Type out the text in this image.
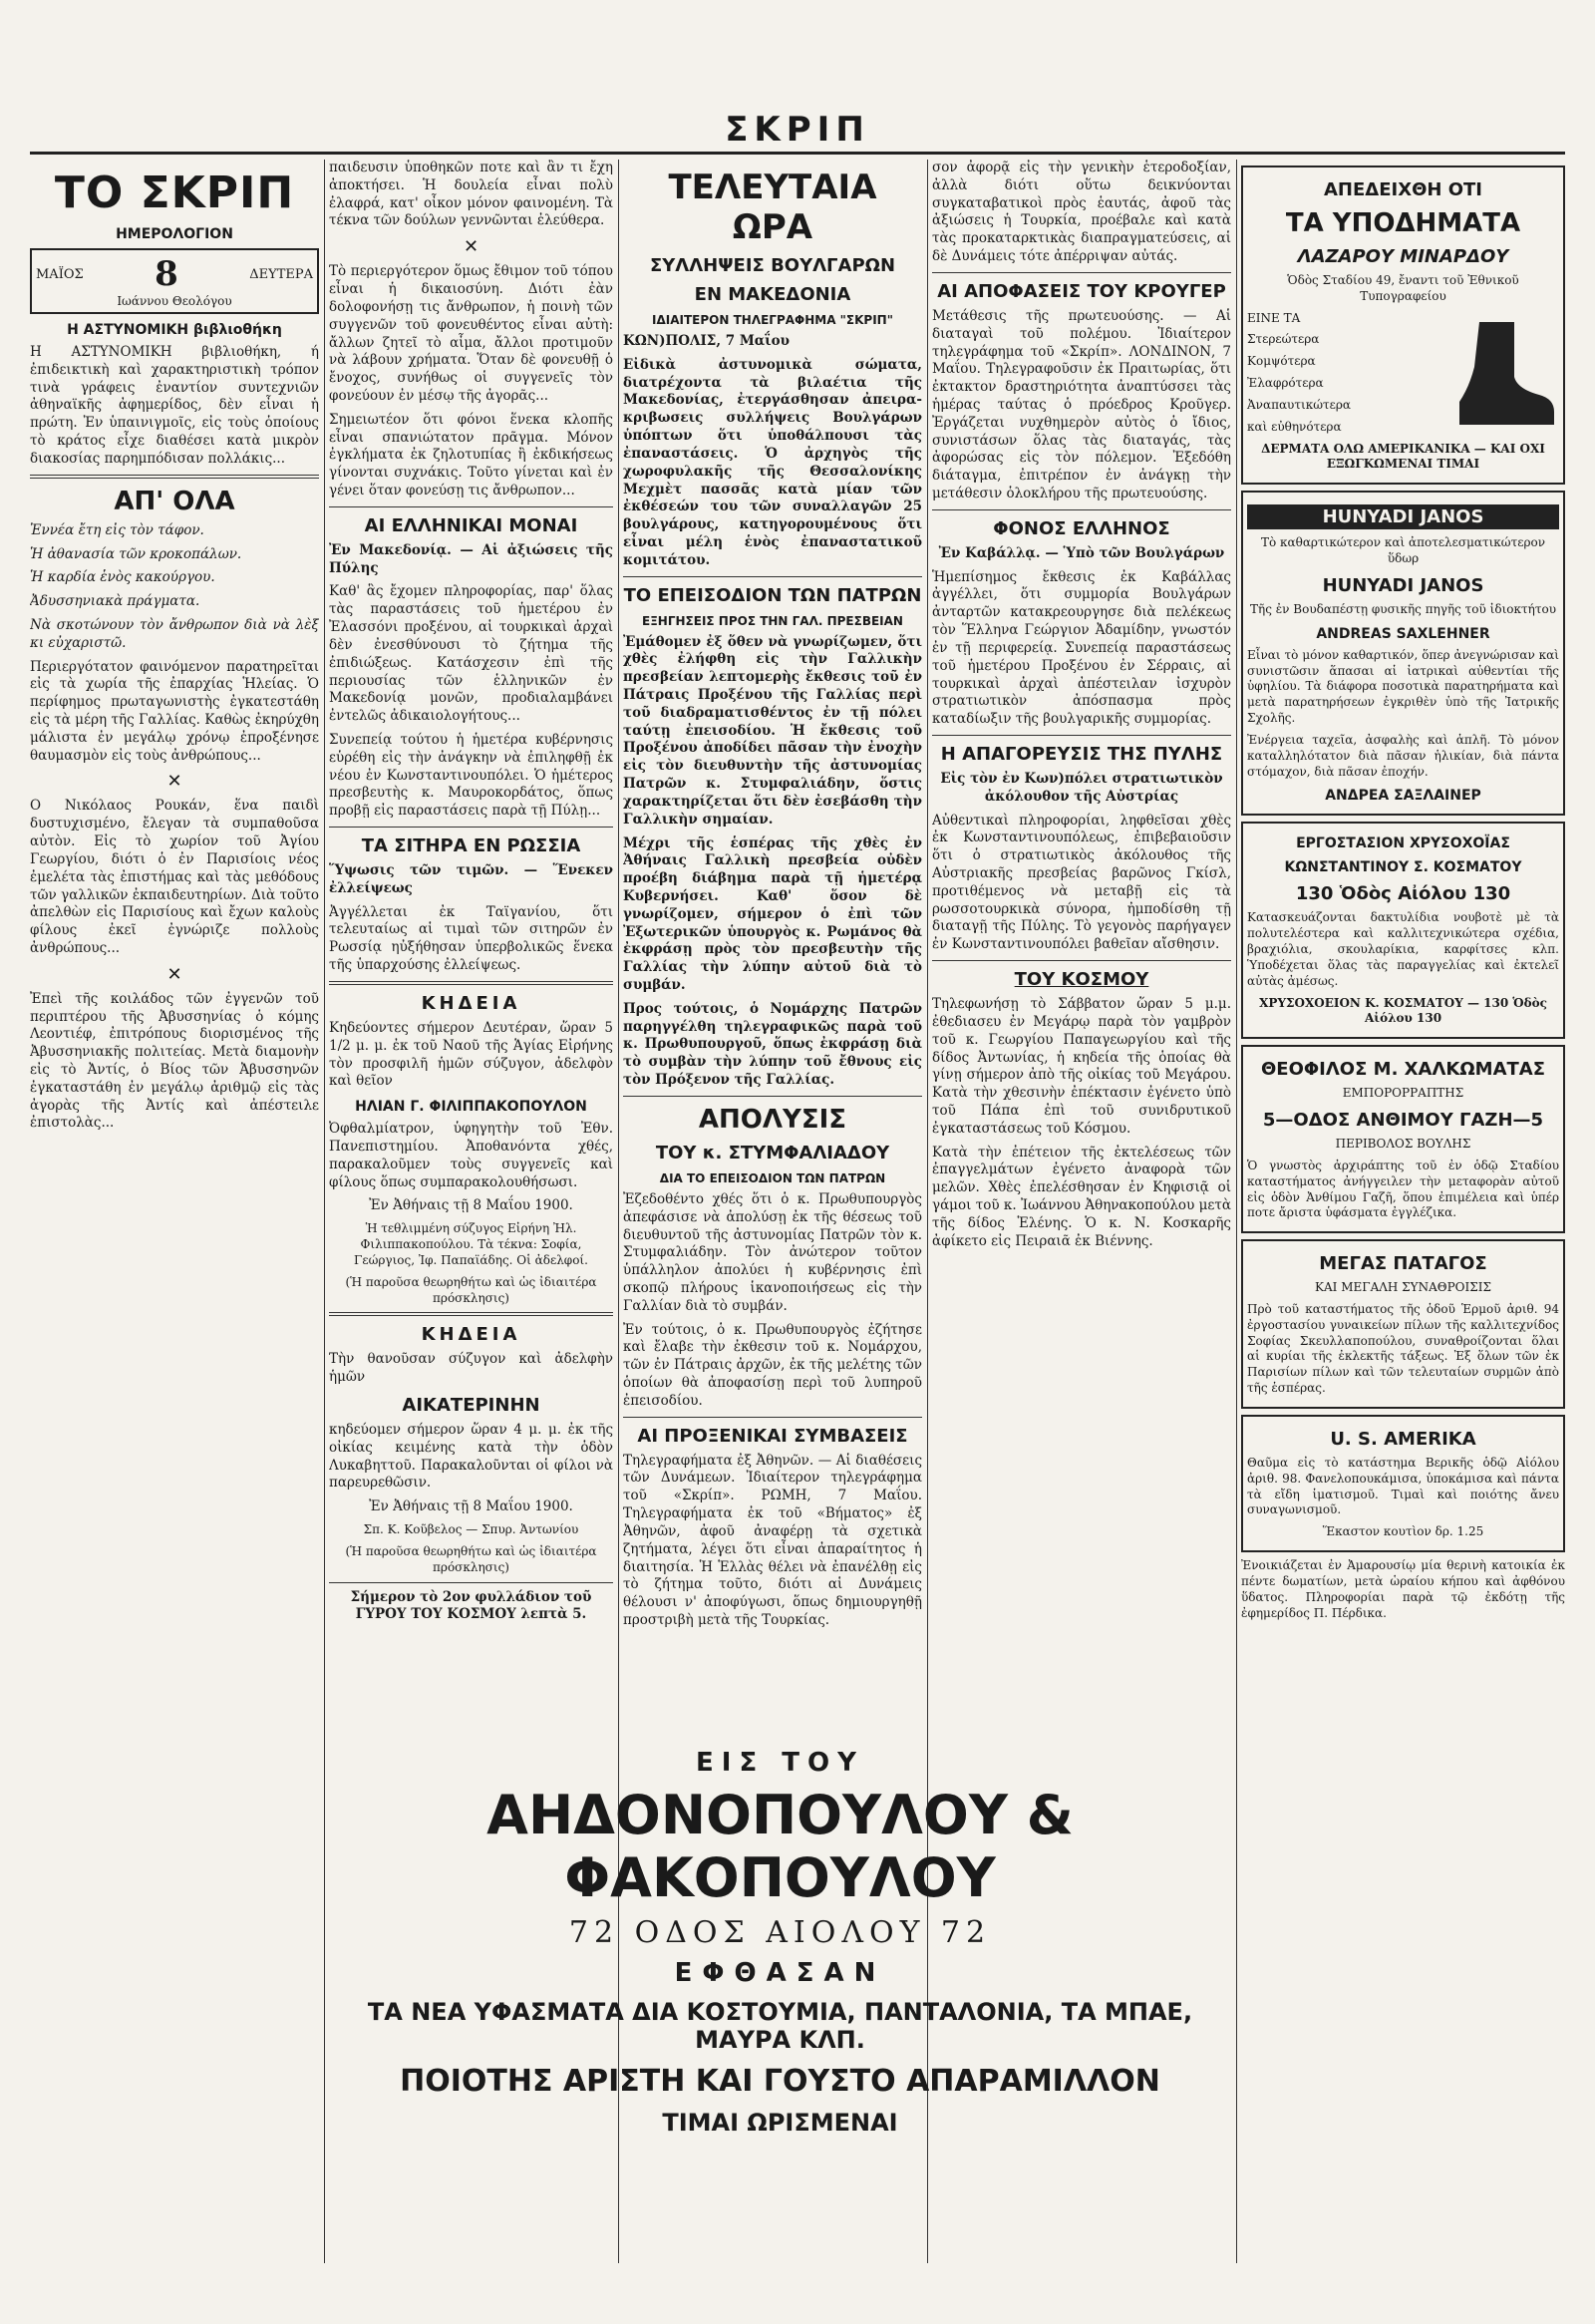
ΣΚΡΙΠ
ΤΟ ΣΚΡΙΠ
ΗΜΕΡΟΛΟΓΙΟΝ
ΜΑΪΟΣ 8	ΔΕΥΤΕΡΑ
Ιωάννου Θεολόγου
Η ΑΣΤΥΝΟΜΙΚΗ βιβλιοθήκη

Η ΑΣΤΥΝΟΜΙΚΗ βιβλιοθήκη, ή ἐπιδεικτικὴ καὶ χαρακτηριστικὴ τρόπον τινὰ γράφεις ἐναντίον συντεχνιῶν ἀθηναϊκῆς ἀφημερίδος, δὲν εἶναι ἡ πρώτη. Ἐν ὑπαινιγμοῖς, εἰς τοὺς ὁποίους τὸ κράτος εἶχε διαθέσει κατὰ μικρὸν διακοσίας παρημπόδισαν πολλάκις...

ΑΠ' ΟΛΑ

Ἐννέα ἔτη εἰς τὸν τάφον.

Ἡ ἀθανασία τῶν κροκοπάλων.

Ἡ καρδία ἑνὸς κακούργου.

Ἀδυσσηνιακὰ πράγματα.

Νὰ σκοτώνουν τὸν ἄνθρωπον διὰ νὰ λὲξ κι εὐχαριστῶ.

Περιεργότατον φαινόμενον παρατηρεῖται εἰς τὰ χωρία τῆς ἐπαρχίας Ἡλείας. Ὁ περίφημος πρωταγωνιστὴς ἐγκατεστάθη εἰς τὰ μέρη τῆς Γαλλίας. Καθὼς ἐκηρύχθη μάλιστα ἐν μεγάλῳ χρόνῳ ἐπροξένησε θαυμασμὸν εἰς τοὺς ἀνθρώπους...

✕

Ο Νικόλαος Ρουκάν, ἕνα παιδὶ δυστυχισμένο, ἔλεγαν τὰ συμπαθοῦσα αὐτὸν. Εἰς τὸ χωρίον τοῦ Ἀγίου Γεωργίου, διότι ὁ ἐν Παρισίοις νέος ἐμελέτα τὰς ἐπιστήμας καὶ τὰς μεθόδους τῶν γαλλικῶν ἐκπαιδευτηρίων. Διὰ τοῦτο ἀπελθὼν εἰς Παρισίους καὶ ἔχων καλοὺς φίλους ἐκεῖ ἐγνώριζε πολλοὺς ἀνθρώπους...

✕

Ἐπεὶ τῆς κοιλάδος τῶν ἐγγενῶν τοῦ περιπτέρου τῆς Ἀβυσσηνίας ὁ κόμης Λεοντιέφ, ἐπιτρόπους διορισμένος τῆς Ἀβυσσηνιακῆς πολιτείας. Μετὰ διαμονὴν εἰς τὸ Ἀντίς, ὁ Βίος τῶν Ἀβυσσηνῶν ἐγκαταστάθη ἐν μεγάλῳ ἀριθμῷ εἰς τὰς ἀγορὰς τῆς Ἀντίς καὶ ἀπέστειλε ἐπιστολὰς...

παιδευσιν ὑποθηκῶν ποτε καὶ ἂν τι ἔχη ἀποκτήσει. Ἡ δουλεία εἶναι πολὺ ἐλαφρά, κατ' οἶκον μόνον φαινομένη. Τὰ τέκνα τῶν δούλων γεννῶνται ἐλεύθερα.

✕

Τὸ περιεργότερον ὅμως ἔθιμον τοῦ τόπου εἶναι ἡ δικαιοσύνη. Διότι ἐὰν δολοφονήσῃ τις ἄνθρωπον, ἡ ποινὴ τῶν συγγενῶν τοῦ φονευθέντος εἶναι αὐτὴ: ἄλλων ζητεῖ τὸ αἷμα, ἄλλοι προτιμοῦν νὰ λάβουν χρήματα. Ὅταν δὲ φονευθῇ ὁ ἔνοχος, συνήθως οἱ συγγενεῖς τὸν φονεύουν ἐν μέσῳ τῆς ἀγορᾶς...

Σημειωτέον ὅτι φόνοι ἕνεκα κλοπῆς εἶναι σπανιώτατον πρᾶγμα. Μόνον ἐγκλήματα ἐκ ζηλοτυπίας ἢ ἐκδικήσεως γίνονται συχνάκις. Τοῦτο γίνεται καὶ ἐν γένει ὅταν φονεύσῃ τις ἄνθρωπον...

ΑΙ ΕΛΛΗΝΙΚΑΙ ΜΟΝΑΙ

Ἐν Μακεδονίᾳ. — Αἱ ἀξιώσεις τῆς Πύλης

Καθ' ἃς ἔχομεν πληροφορίας, παρ' ὅλας τὰς παραστάσεις τοῦ ἡμετέρου ἐν Ἐλασσόνι προξένου, αἱ τουρκικαὶ ἀρχαὶ δὲν ἐνεσθύνουσι τὸ ζήτημα τῆς ἐπιδιώξεως. Κατάσχεσιν ἐπὶ τῆς περιουσίας τῶν ἑλληνικῶν ἐν Μακεδονίᾳ μονῶν, προδιαλαμβάνει ἐντελῶς ἀδικαιολογήτους...

Συνεπείᾳ τούτου ἡ ἡμετέρα κυβέρνησις εὑρέθη εἰς τὴν ἀνάγκην νὰ ἐπιληφθῇ ἐκ νέου ἐν Κωνσταντινουπόλει. Ὁ ἡμέτερος πρεσβευτὴς κ. Μαυροκορδάτος, ὅπως προβῇ εἰς παραστάσεις παρὰ τῇ Πύλῃ...

ΤΑ ΣΙΤΗΡΑ ΕΝ ΡΩΣΣΙΑ

Ὕψωσις τῶν τιμῶν. — Ἕνεκεν ἐλλείψεως

Ἀγγέλλεται ἐκ Ταϊγανίου, ὅτι τελευταίως αἱ τιμαὶ τῶν σιτηρῶν ἐν Ρωσσίᾳ ηὐξήθησαν ὑπερβολικῶς ἕνεκα τῆς ὑπαρχούσης ἐλλείψεως.

ΚΗΔΕΙΑ

Κηδεύοντες σήμερον Δευτέραν, ὥραν 5 1/2 μ. μ. ἐκ τοῦ Ναοῦ τῆς Ἁγίας Εἰρήνης τὸν προσφιλῆ ἡμῶν σύζυγον, ἀδελφὸν καὶ θεῖον

ΗΛΙΑΝ Γ. ΦΙΛΙΠΠΑΚΟΠΟΥΛΟΝ

Ὀφθαλμίατρον, ὑφηγητὴν τοῦ Ἐθν. Πανεπιστημίου. Ἀποθανόντα χθές, παρακαλοῦμεν τοὺς συγγενεῖς καὶ φίλους ὅπως συμπαρακολουθήσωσι.

Ἐν Ἀθήναις τῇ 8 Μαΐου 1900.

Ἡ τεθλιμμένη σύζυγος Εἰρήνη Ἠλ. Φιλιππακοπούλου. Τὰ τέκνα: Σοφία, Γεώργιος, Ἰφ. Παπαϊάδης. Οἱ ἀδελφοί.

(Ἡ παροῦσα θεωρηθήτω καὶ ὡς ἰδιαιτέρα πρόσκλησις)

ΚΗΔΕΙΑ

Τὴν θανοῦσαν σύζυγον καὶ ἀδελφὴν ἡμῶν

ΑΙΚΑΤΕΡΙΝΗΝ

κηδεύομεν σήμερον ὥραν 4 μ. μ. ἐκ τῆς οἰκίας κειμένης κατὰ τὴν ὁδὸν Λυκαβηττοῦ. Παρακαλοῦνται οἱ φίλοι νὰ παρευρεθῶσιν.

Ἐν Ἀθήναις τῇ 8 Μαΐου 1900.

Σπ. Κ. Κοῦβελος — Σπυρ. Ἀντωνίου

(Ἡ παροῦσα θεωρηθήτω καὶ ὡς ἰδιαιτέρα πρόσκλησις)

Σήμερον τὸ 2ον φυλλάδιον τοῦ ΓΥΡΟΥ ΤΟΥ ΚΟΣΜΟΥ λεπτὰ 5.

ΤΕΛΕΥΤΑΙΑ ΩΡΑ
ΣΥΛΛΗΨΕΙΣ ΒΟΥΛΓΑΡΩΝ
ΕΝ ΜΑΚΕΔΟΝΙΑ
ΙΔΙΑΙΤΕΡΟΝ ΤΗΛΕΓΡΑΦΗΜΑ "ΣΚΡΙΠ"

ΚΩΝ)ΠΟΛΙΣ, 7 Μαΐου

Εἰδικὰ ἀστυνομικὰ σώματα, διατρέχοντα τὰ βιλαέτια τῆς Μακεδονίας, ἐτεργάσθησαν ἀπειρα-κριβωσεις συλλήψεις Βουλγάρων ὑπόπτων ὅτι ὑποθάλπουσι τὰς ἐπαναστάσεις. Ὁ ἀρχηγὸς τῆς χωροφυλακῆς τῆς Θεσσαλονίκης Μεχμὲτ πασσᾶς κατὰ μίαν τῶν ἐκθέσεών του τῶν συναλλαγῶν 25 βουλγάρους, κατηγορουμένους ὅτι εἶναι μέλη ἑνὸς ἐπαναστατικοῦ κομιτάτου.

ΤΟ ΕΠΕΙΣΟΔΙΟΝ ΤΩΝ ΠΑΤΡΩΝ
ΕΞΗΓΗΣΕΙΣ ΠΡΟΣ ΤΗΝ ΓΑΛ. ΠΡΕΣΒΕΙΑΝ

Ἐμάθομεν ἐξ ὅθεν νὰ γνωρίζωμεν, ὅτι χθὲς ἐλήφθη εἰς τὴν Γαλλικὴν πρεσβείαν λεπτομερὴς ἔκθεσις τοῦ ἐν Πάτραις Προξένου τῆς Γαλλίας περὶ τοῦ διαδραματισθέντος ἐν τῇ πόλει ταύτῃ ἐπεισοδίου. Ἡ ἔκθεσις τοῦ Προξένου ἀποδίδει πᾶσαν τὴν ἐνοχὴν εἰς τὸν διευθυντὴν τῆς ἀστυνομίας Πατρῶν κ. Στυμφαλιάδην, ὅστις χαρακτηρίζεται ὅτι δὲν ἐσεβάσθη τὴν Γαλλικὴν σημαίαν.

Μέχρι τῆς ἑσπέρας τῆς χθὲς ἐν Ἀθήναις Γαλλικὴ πρεσβεία οὐδὲν προέβη διάβημα παρὰ τῇ ἡμετέρᾳ Κυβερνήσει. Καθ' ὅσον δὲ γνωρίζομεν, σήμερον ὁ ἐπὶ τῶν Ἐξωτερικῶν ὑπουργὸς κ. Ρωμάνος θὰ ἐκφράσῃ πρὸς τὸν πρεσβευτὴν τῆς Γαλλίας τὴν λύπην αὐτοῦ διὰ τὸ συμβάν.

Προς τούτοις, ὁ Νομάρχης Πατρῶν παρηγγέλθη τηλεγραφικῶς παρὰ τοῦ κ. Πρωθυπουργοῦ, ὅπως ἐκφράσῃ διὰ τὸ συμβὰν τὴν λύπην τοῦ ἔθνους εἰς τὸν Πρόξενον τῆς Γαλλίας.

ΑΠΟΛΥΣΙΣ
ΤΟΥ κ. ΣΤΥΜΦΑΛΙΑΔΟΥ
ΔΙΑ ΤΟ ΕΠΕΙΣΟΔΙΟΝ ΤΩΝ ΠΑΤΡΩΝ

Ἐζεδοθέντο χθές ὅτι ὁ κ. Πρωθυπουργὸς ἀπεφάσισε νὰ ἀπολύσῃ ἐκ τῆς θέσεως τοῦ διευθυντοῦ τῆς ἀστυνομίας Πατρῶν τὸν κ. Στυμφαλιάδην. Τὸν ἀνώτερον τοῦτον ὑπάλληλον ἀπολύει ἡ κυβέρνησις ἐπὶ σκοπῷ πλήρους ἱκανοποιήσεως εἰς τὴν Γαλλίαν διὰ τὸ συμβάν.

Ἐν τούτοις, ὁ κ. Πρωθυπουργὸς ἐζήτησε καὶ ἔλαβε τὴν ἐκθεσιν τοῦ κ. Νομάρχου, τῶν ἐν Πάτραις ἀρχῶν, ἐκ τῆς μελέτης τῶν ὁποίων θὰ ἀποφασίσῃ περὶ τοῦ λυπηροῦ ἐπεισοδίου.

ΑΙ ΠΡΟΞΕΝΙΚΑΙ ΣΥΜΒΑΣΕΙΣ

Τηλεγραφήματα ἐξ Ἀθηνῶν. — Αἱ διαθέσεις τῶν Δυνάμεων. Ἰδιαίτερον τηλεγράφημα τοῦ «Σκρίπ». ΡΩΜΗ, 7 Μαΐου. Τηλεγραφήματα ἐκ τοῦ «Βήματος» ἐξ Ἀθηνῶν, ἀφοῦ ἀναφέρῃ τὰ σχετικὰ ζητήματα, λέγει ὅτι εἶναι ἀπαραίτητος ἡ διαιτησία. Ἡ Ἑλλὰς θέλει νὰ ἐπανέλθῃ εἰς τὸ ζήτημα τοῦτο, διότι αἱ Δυνάμεις θέλουσι ν' ἀποφύγωσι, ὅπως δημιουργηθῇ προστριβὴ μετὰ τῆς Τουρκίας.

σον ἀφορᾷ εἰς τὴν γενικὴν ἑτεροδοξίαν, ἀλλὰ διότι οὕτω δεικνύονται συγκαταβατικοὶ πρὸς ἑαυτάς, ἀφοῦ τὰς ἀξιώσεις ἡ Τουρκία, προέβαλε καὶ κατὰ τὰς προκαταρκτικὰς διαπραγματεύσεις, αἱ δὲ Δυνάμεις τότε ἀπέρριψαν αὐτάς.

ΑΙ ΑΠΟΦΑΣΕΙΣ ΤΟΥ ΚΡΟΥΓΕΡ

Μετάθεσις τῆς πρωτευούσης. — Αἱ διαταγαὶ τοῦ πολέμου. Ἰδιαίτερον τηλεγράφημα τοῦ «Σκρίπ». ΛΟΝΔΙΝΟΝ, 7 Μαΐου. Τηλεγραφοῦσιν ἐκ Πραιτωρίας, ὅτι ἐκτακτον δραστηριότητα ἀναπτύσσει τὰς ἡμέρας ταύτας ὁ πρόεδρος Κροῦγερ. Ἐργάζεται νυχθημερὸν αὐτὸς ὁ ἴδιος, συνιστάσων ὅλας τὰς διαταγάς, τὰς ἀφορώσας εἰς τὸν πόλεμον. Ἐξεδόθη διάταγμα, ἐπιτρέπον ἐν ἀνάγκῃ τὴν μετάθεσιν ὁλοκλήρου τῆς πρωτευούσης.

ΦΟΝΟΣ ΕΛΛΗΝΟΣ

Ἐν Καβάλλᾳ. — Ὑπὸ τῶν Βουλγάρων

Ἡμεπίσημος ἔκθεσις ἐκ Καβάλλας ἀγγέλλει, ὅτι συμμορία Βουλγάρων ἀνταρτῶν κατακρεουργησε διὰ πελέκεως τὸν Ἕλληνα Γεώργιον Ἀδαμίδην, γνωστόν ἐν τῇ περιφερείᾳ. Συνεπείᾳ παραστάσεως τοῦ ἡμετέρου Προξένου ἐν Σέρραις, αἱ τουρκικαὶ ἀρχαὶ ἀπέστειλαν ἰσχυρὸν στρατιωτικὸν ἀπόσπασμα πρὸς καταδίωξιν τῆς βουλγαρικῆς συμμορίας.

Η ΑΠΑΓΟΡΕΥΣΙΣ ΤΗΣ ΠΥΛΗΣ

Εἰς τὸν ἐν Κων)πόλει στρατιωτικὸν ἀκόλουθον τῆς Αὐστρίας

Αὐθεντικαὶ πληροφορίαι, ληφθεῖσαι χθὲς ἐκ Κωνσταντινουπόλεως, ἐπιβεβαιοῦσιν ὅτι ὁ στρατιωτικὸς ἀκόλουθος τῆς Αὐστριακῆς πρεσβείας βαρῶνος Γκίσλ, προτιθέμενος νὰ μεταβῇ εἰς τὰ ρωσσοτουρκικὰ σύνορα, ἠμποδίσθη τῇ διαταγῇ τῆς Πύλης. Τὸ γεγονὸς παρήγαγεν ἐν Κωνσταντινουπόλει βαθεῖαν αἴσθησιν.

ΤΟΥ ΚΟΣΜΟΥ

Τηλεφωνήσῃ τὸ Σάββατον ὥραν 5 μ.μ. ἐθεδιασευ ἐν Μεγάρῳ παρὰ τὸν γαμβρὸν τοῦ κ. Γεωργίου Παπαγεωργίου καὶ τῆς δίδος Ἀντωνίας, ἡ κηδεία τῆς ὁποίας θὰ γίνῃ σήμερον ἀπὸ τῆς οἰκίας τοῦ Μεγάρου. Κατὰ τὴν χθεσινὴν ἐπέκτασιν ἐγένετο ὑπὸ τοῦ Πάπα ἐπὶ τοῦ συνιδρυτικοῦ ἐγκαταστάσεως τοῦ Κόσμου.

Κατὰ τὴν ἐπέτειον τῆς ἐκτελέσεως τῶν ἐπαγγελμάτων ἐγένετο ἀναφορὰ τῶν μελῶν. Χθὲς ἐπελέσθησαν ἐν Κηφισιᾷ οἱ γάμοι τοῦ κ. Ἰωάννου Ἀθηνακοπούλου μετὰ τῆς δίδος Ἑλένης. Ὁ κ. Ν. Κοσκαρῆς ἀφίκετο εἰς Πειραιᾶ ἐκ Βιέννης.

ΑΠΕΔΕΙΧΘΗ ΟΤΙ
ΤΑ ΥΠΟΔΗΜΑΤΑ
ΛΑΖΑΡΟΥ ΜΙΝΑΡΔΟΥ

Ὁδὸς Σταδίου 49, ἔναντι τοῦ Ἐθνικοῦ Τυπογραφείου

ΕΙΝΕ ΤΑ

Στερεώτερα

Κομψότερα

Ἐλαφρότερα

Ἀναπαυτικώτερα

καὶ εὐθηνότερα

ΔΕΡΜΑΤΑ ΟΛΩ ΑΜΕΡΙΚΑΝΙΚΑ — ΚΑΙ ΟΧΙ ΕΞΩΓΚΩΜΕΝΑΙ ΤΙΜΑΙ

HUNYADI JANOS

Τὸ καθαρτικώτερον καὶ ἀποτελεσματικώτερον ὕδωρ

HUNYADI JANOS

Τῆς ἐν Βουδαπέστῃ φυσικῆς πηγῆς τοῦ ἰδιοκτήτου

ANDREAS SAXLEHNER

Εἶναι τὸ μόνον καθαρτικόν, ὅπερ ἀνεγνώρισαν καὶ συνιστῶσιν ἅπασαι αἱ ἰατρικαὶ αὐθεντίαι τῆς ὑφηλίου. Τὰ διάφορα ποσοτικὰ παρατηρήματα καὶ μετὰ παρατηρήσεων ἐγκριθὲν ὑπὸ τῆς Ἰατρικῆς Σχολῆς.

Ἐνέργεια ταχεῖα, ἀσφαλὴς καὶ ἁπλῆ. Τὸ μόνον καταλληλότατον διὰ πᾶσαν ἡλικίαν, διὰ πάντα στόμαχον, διὰ πᾶσαν ἐποχήν.

ΑΝΔΡΕΑ ΣΑΞΛΑΙΝΕΡ
ΕΡΓΟΣΤΑΣΙΟΝ ΧΡΥΣΟΧΟΪΑΣ
ΚΩΝΣΤΑΝΤΙΝΟΥ Σ. ΚΟΣΜΑΤΟΥ
130 Ὁδὸς Αἰόλου 130

Κατασκευάζονται δακτυλίδια νουβοτὲ μὲ τὰ πολυτελέστερα καὶ καλλιτεχνικώτερα σχέδια, βραχιόλια, σκουλαρίκια, καρφίτσες κλπ. Ὑποδέχεται ὅλας τὰς παραγγελίας καὶ ἐκτελεῖ αὐτὰς ἀμέσως.

ΧΡΥΣΟΧΟΕΙΟΝ Κ. ΚΟΣΜΑΤΟΥ — 130 Ὁδὸς Αἰόλου 130

ΘΕΟΦΙΛΟΣ Μ. ΧΑΛΚΩΜΑΤΑΣ

ΕΜΠΟΡΟΡΡΑΠΤΗΣ

5—ΟΔΟΣ ΑΝΘΙΜΟΥ ΓΑΖΗ—5

ΠΕΡΙΒΟΛΟΣ ΒΟΥΛΗΣ

Ὁ γνωστὸς ἀρχιράπτης τοῦ ἐν ὁδῷ Σταδίου καταστήματος ἀνήγγειλεν τὴν μεταφορὰν αὐτοῦ εἰς ὁδὸν Ἀνθίμου Γαζῆ, ὅπου ἐπιμέλεια καὶ ὑπέρ ποτε ἄριστα ὑφάσματα ἐγγλέζικα.

ΜΕΓΑΣ ΠΑΤΑΓΟΣ

ΚΑΙ ΜΕΓΑΛΗ ΣΥΝΑΘΡΟΙΣΙΣ

Πρὸ τοῦ καταστήματος τῆς ὁδοῦ Ἑρμοῦ ἀριθ. 94 ἐργοστασίου γυναικείων πίλων τῆς καλλιτεχνίδος Σοφίας Σκευλλαποπούλου, συναθροίζονται ὅλαι αἱ κυρίαι τῆς ἐκλεκτῆς τάξεως. Ἐξ ὅλων τῶν ἐκ Παρισίων πίλων καὶ τῶν τελευταίων συρμῶν ἀπὸ τῆς ἑσπέρας.

U. S. AMERIKA

Θαῦμα εἰς τὸ κατάστημα Βερικῆς ὁδῷ Αἰόλου ἀριθ. 98. Φανελοπουκάμισα, ὑποκάμισα καὶ πάντα τὰ εἴδη ἱματισμοῦ. Τιμαὶ καὶ ποιότης ἄνευ συναγωνισμοῦ.

Ἕκαστον κουτὶον δρ. 1.25

Ἐνοικιάζεται ἐν Ἀμαρουσίῳ μία θερινὴ κατοικία ἐκ πέντε δωματίων, μετὰ ὡραίου κήπου καὶ ἀφθόνου ὕδατος. Πληροφορίαι παρὰ τῷ ἐκδότῃ τῆς ἐφημερίδος Π. Πέρδικα.

ΕΙΣ ΤΟΥ
ΑΗΔΟΝΟΠΟΥΛΟΥ & ΦΑΚΟΠΟΥΛΟΥ
72 ΟΔΟΣ ΑΙΟΛΟΥ 72
ΕΦΘΑΣΑΝ
ΤΑ ΝΕΑ ΥΦΑΣΜΑΤΑ ΔΙΑ ΚΟΣΤΟΥΜΙΑ, ΠΑΝΤΑΛΟΝΙΑ, ΤΑ ΜΠΑΕ, ΜΑΥΡΑ ΚΛΠ.
ΠΟΙΟΤΗΣ ΑΡΙΣΤΗ ΚΑΙ ΓΟΥΣΤΟ ΑΠΑΡΑΜΙΛΛΟΝ
ΤΙΜΑΙ ΩΡΙΣΜΕΝΑΙ
